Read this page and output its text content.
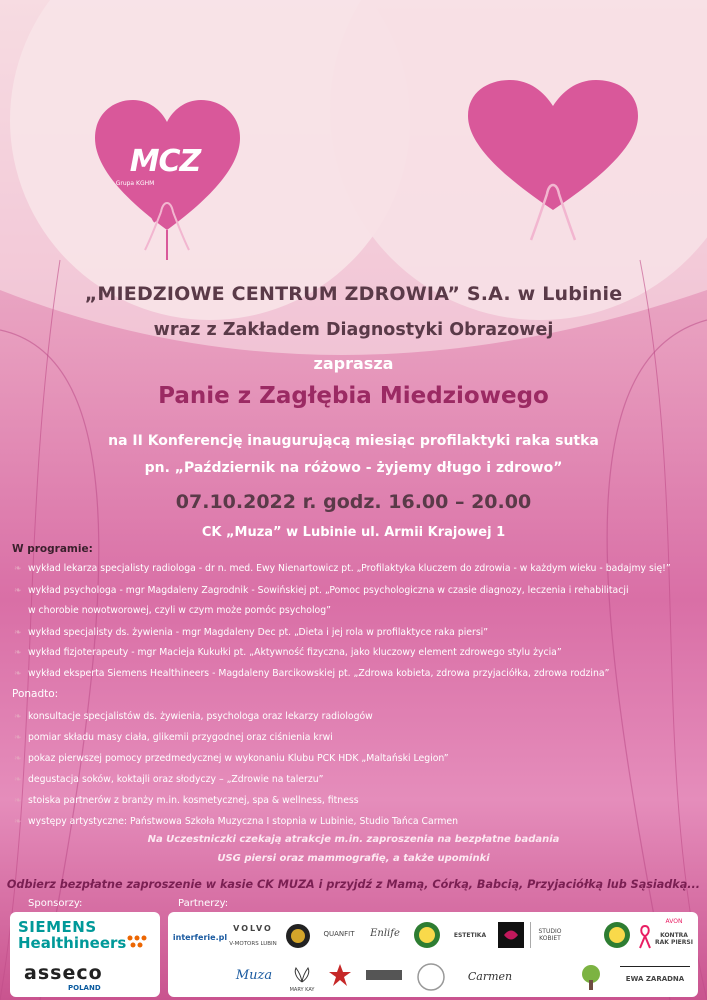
MCZ
Grupa KGHM
„MIEDZIOWE CENTRUM ZDROWIA” S.A. w Lubinie
wraz z Zakładem Diagnostyki Obrazowej
zaprasza
Panie z Zagłębia Miedziowego
na II Konferencję inaugurującą miesiąc profilaktyki raka sutka
pn. „Październik na różowo - żyjemy długo i zdrowo”
07.10.2022 r. godz. 16.00 – 20.00
CK „Muza” w Lubinie ul. Armii Krajowej 1
W programie:
❧ wykład lekarza specjalisty radiologa - dr n. med. Ewy Nienartowicz pt. „Profilaktyka kluczem do zdrowia - w każdym wieku - badajmy się!”
❧ wykład psychologa - mgr Magdaleny Zagrodnik - Sowińskiej pt. „Pomoc psychologiczna w czasie diagnozy, leczenia i rehabilitacji
w chorobie nowotworowej, czyli w czym może pomóc psycholog”
❧ wykład specjalisty ds. żywienia - mgr Magdaleny Dec pt. „Dieta i jej rola w profilaktyce raka piersi”
❧ wykład fizjoterapeuty - mgr Macieja Kukułki pt. „Aktywność fizyczna, jako kluczowy element zdrowego stylu życia”
❧ wykład eksperta Siemens Healthineers - Magdaleny Barcikowskiej pt. „Zdrowa kobieta, zdrowa przyjaciółka, zdrowa rodzina”
Ponadto:
❧ konsultacje specjalistów ds. żywienia, psychologa oraz lekarzy radiologów
❧ pomiar składu masy ciała, glikemii przygodnej oraz ciśnienia krwi
❧ pokaz pierwszej pomocy przedmedycznej w wykonaniu Klubu PCK HDK „Maltański Legion”
❧ degustacja soków, koktajli oraz słodyczy – „Zdrowie na talerzu”
❧ stoiska partnerów z branży m.in. kosmetycznej, spa & wellness, fitness
❧ występy artystyczne: Państwowa Szkoła Muzyczna I stopnia w Lubinie, Studio Tańca Carmen
Na Uczestniczki czekają atrakcje m.in. zaproszenia na bezpłatne badania
USG piersi oraz mammografię, a także upominki
Odbierz bezpłatne zaproszenie w kasie CK MUZA i przyjdź z Mamą, Córką, Babcią, Przyjaciółką lub Sąsiadką...
Sponsorzy:	Partnerzy:
SIEMENS
Healthineers
asseco
POLAND
interferie.pl
VOLVO
V-MOTORS LUBIN
QUANFIT	Enlife	ESTETIKA	STUDIO KOBIET
AVON
KONTRA RAK PIERSI
Muza
MARY KAY
Carmen	EWA ZARADNA
